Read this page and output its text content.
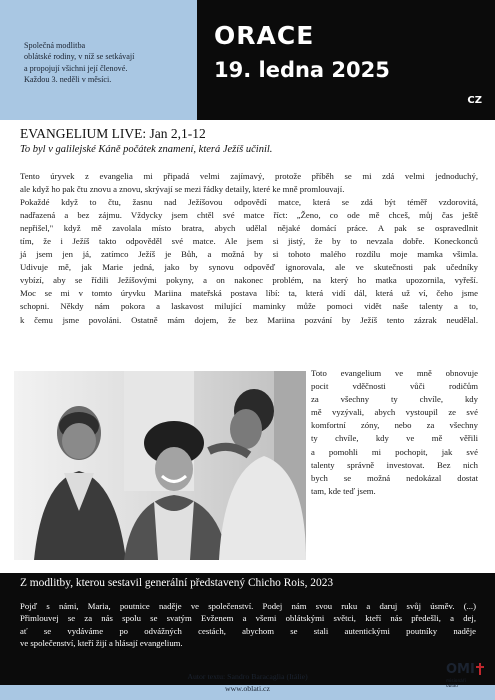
Společná modlitba
oblátské rodiny, v níž se setkávají
a propojují všichni její členové.
Každou 3. neděli v měsíci.
ORACE
19. ledna 2025
CZ
EVANGELIUM LIVE: Jan 2,1-12
To byl v galilejské Káně počátek znamení, která Ježíš učinil.
Tento úryvek z evangelia mi připadá velmi zajímavý, protože příběh se mi zdá velmi jednoduchý,
ale když ho pak čtu znovu a znovu, skrývají se mezi řádky detaily, které ke mně promlouvají.
Pokaždé když to čtu, žasnu nad Ježíšovou odpovědí matce, která se zdá být téměř vzdorovitá,
nadřazená a bez zájmu. Vždycky jsem chtěl své matce říct: „Ženo, co ode mě chceš, můj čas ještě
nepřišel," když mě zavolala místo bratra, abych udělal nějaké domácí práce. A pak se ospravedlnit
tím, že i Ježíš takto odpověděl své matce. Ale jsem si jistý, že by to nevzala dobře. Koneckonců
já jsem jen já, zatímco Ježíš je Bůh, a možná by si tohoto malého rozdílu moje mamka všimla.
Udivuje mě, jak Marie jedná, jako by synovu odpověď ignorovala, ale ve skutečnosti pak učedníky
vybízí, aby se řídili Ježíšovými pokyny, a on nakonec problém, na který ho matka upozornila, vyřeší.
Moc se mi v tomto úryvku Mariina mateřská postava líbí: ta, která vidí dál, která už ví, čeho jsme
schopni. Někdy nám pokora a laskavost milující maminky může pomoci vidět naše talenty a to,
k čemu jsme povoláni. Ostatně mám dojem, že bez Mariina pozvání by Ježíš tento zázrak neudělal.
Toto evangelium ve mně obnovuje
pocit vděčnosti vůči rodičům
za všechny ty chvíle, kdy
mě vyzývali, abych vystoupil ze své
komfortní zóny, nebo za všechny
ty chvíle, kdy ve mě věřili
a pomohli mi pochopit, jak své
talenty správně investovat. Bez nich
bych se možná nedokázal dostat
tam, kde teď jsem.
Z modlitby, kterou sestavil generální představený Chicho Rois, 2023
Pojď s námi, Maria, poutnice naděje ve společenství. Podej nám svou ruku a daruj svůj úsměv. (...)
Přimlouvej se za nás spolu se svatým Evženem a všemi oblátskými světci, kteří nás předešli, a dej,
ať se vydáváme po odvážných cestách, abychom se stali autentickými poutníky naděje
ve společenství, kteří žijí a hlásají evangelium.
Autor textu: Sandro Baracaglia (Itálie)
www.oblati.cz
OMI
misionáři
obláti
